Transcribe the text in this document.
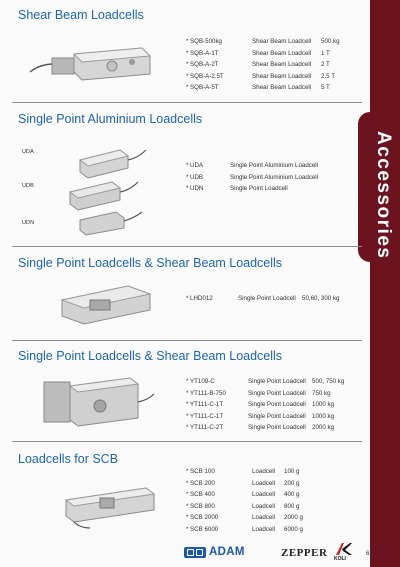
Accessories
Shear Beam Loadcells
* SQB-500kg	Shear Beam Loadcell	500 kg
* SQB-A-1T	Shear Beam Loadcell	1 T
* SQB-A-2T	Shear Beam Loadcell	2 T
* SQB-A-2.5T	Shear Beam Loadcell	2.5 T
* SQB-A-5T	Shear Beam Loadcell	5 T
Single Point Aluminium Loadcells
UDA
UDB
UDN
* UDA	Single Point Aluminium Loadcell
* UDB	Single Point Aluminium Loadcell
* UDN	Single Point Loadcell
Single Point Loadcells & Shear Beam Loadcells
* LHD012	Single Point Loadcell	50,60, 300 kg
Single Point Loadcells & Shear Beam Loadcells
* YT109-C	Single Point Loadcell	500, 750 kg
* YT111-B-750	Single Point Loadcell	750 kg
* YT111-C-1T	Single Point Loadcell	1000 kg
* YT111-C-1T	Single Point Loadcell	1000 kg
* YT111-C-2T	Single Point Loadcell	2000 kg
Loadcells for SCB
* SCB 100	Loadcell	100 g
* SCB 200	Loadcell	200 g
* SCB 400	Loadcell	400 g
* SCB 800	Loadcell	800 g
* SCB 2000	Loadcell	2000 g
* SCB 6000	Loadcell	6000 g
ADAM	ZEPPER KOLI
61
